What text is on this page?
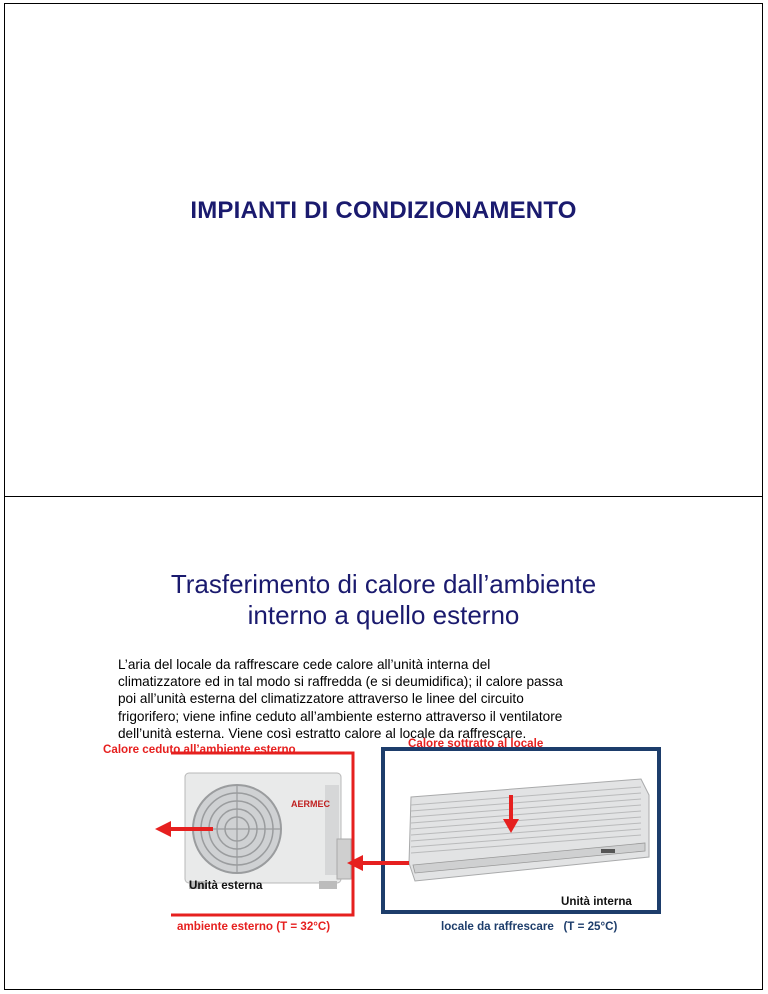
IMPIANTI DI CONDIZIONAMENTO
Trasferimento di calore dall’ambiente
interno a quello esterno
L’aria del locale da raffrescare cede calore all’unità interna del
climatizzatore ed in tal modo si raffredda (e si deumidifica); il calore passa
poi all’unità esterna del climatizzatore attraverso le linee del circuito
frigorifero; viene infine ceduto all’ambiente esterno attraverso il ventilatore
dell’unità esterna. Viene così estratto calore al locale da raffrescare.
AERMEC
Calore ceduto all’ambiente esterno	Calore sottratto al locale
Unità esterna
Unità interna
ambiente esterno (T = 32°C)	locale da raffrescare   (T = 25°C)
